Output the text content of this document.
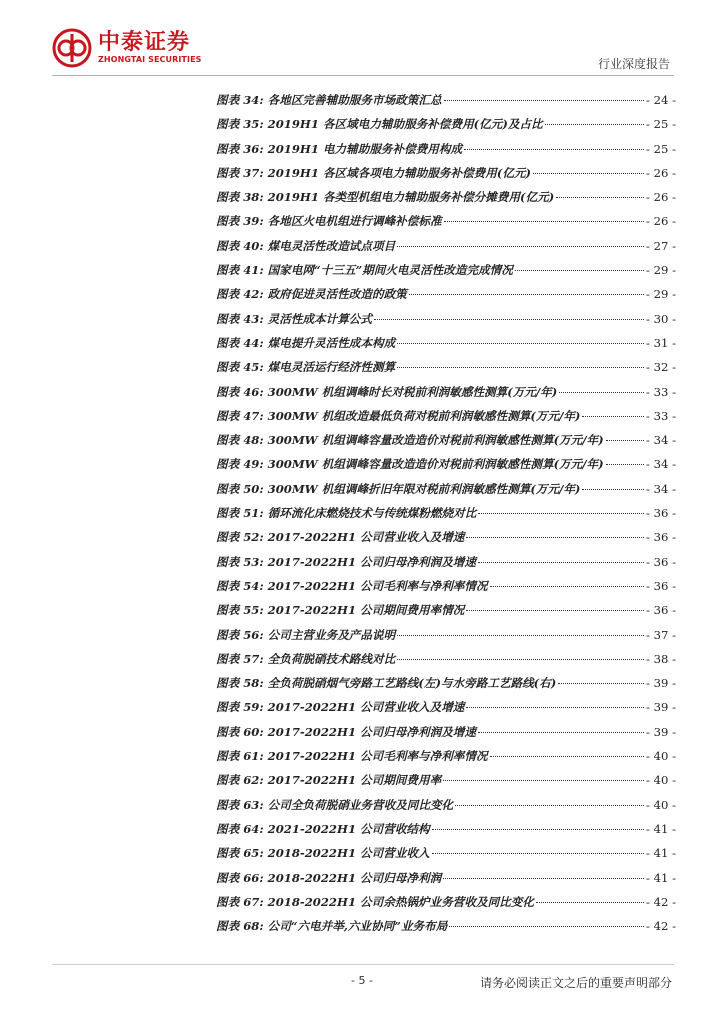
中泰证券
ZHONGTAI SECURITIES	行业深度报告
图表 34: 各地区完善辅助服务市场政策汇总	- 24 -
图表 35: 2019H1 各区域电力辅助服务补偿费用(亿元)及占比	- 25 -
图表 36: 2019H1 电力辅助服务补偿费用构成	- 25 -
图表 37: 2019H1 各区域各项电力辅助服务补偿费用(亿元)	- 26 -
图表 38: 2019H1 各类型机组电力辅助服务补偿分摊费用(亿元)	- 26 -
图表 39: 各地区火电机组进行调峰补偿标准	- 26 -
图表 40: 煤电灵活性改造试点项目	- 27 -
图表 41: 国家电网“十三五”期间火电灵活性改造完成情况	- 29 -
图表 42: 政府促进灵活性改造的政策	- 29 -
图表 43: 灵活性成本计算公式	- 30 -
图表 44: 煤电提升灵活性成本构成	- 31 -
图表 45: 煤电灵活运行经济性测算	- 32 -
图表 46: 300MW 机组调峰时长对税前利润敏感性测算(万元/年)	- 33 -
图表 47: 300MW 机组改造最低负荷对税前利润敏感性测算(万元/年)	- 33 -
图表 48: 300MW 机组调峰容量改造造价对税前利润敏感性测算(万元/年)	- 34 -
图表 49: 300MW 机组调峰容量改造造价对税前利润敏感性测算(万元/年)	- 34 -
图表 50: 300MW 机组调峰折旧年限对税前利润敏感性测算(万元/年)	- 34 -
图表 51: 循环流化床燃烧技术与传统煤粉燃烧对比	- 36 -
图表 52: 2017-2022H1 公司营业收入及增速	- 36 -
图表 53: 2017-2022H1 公司归母净利润及增速	- 36 -
图表 54: 2017-2022H1 公司毛利率与净利率情况	- 36 -
图表 55: 2017-2022H1 公司期间费用率情况	- 36 -
图表 56: 公司主营业务及产品说明	- 37 -
图表 57: 全负荷脱硝技术路线对比	- 38 -
图表 58: 全负荷脱硝烟气旁路工艺路线(左)与水旁路工艺路线(右)	- 39 -
图表 59: 2017-2022H1 公司营业收入及增速	- 39 -
图表 60: 2017-2022H1 公司归母净利润及增速	- 39 -
图表 61: 2017-2022H1 公司毛利率与净利率情况	- 40 -
图表 62: 2017-2022H1 公司期间费用率	- 40 -
图表 63: 公司全负荷脱硝业务营收及同比变化	- 40 -
图表 64: 2021-2022H1 公司营收结构	- 41 -
图表 65: 2018-2022H1 公司营业收入	- 41 -
图表 66: 2018-2022H1 公司归母净利润	- 41 -
图表 67: 2018-2022H1 公司余热锅炉业务营收及同比变化	- 42 -
图表 68: 公司“六电并举,六业协同”业务布局	- 42 -
- 5 -	请务必阅读正文之后的重要声明部分
